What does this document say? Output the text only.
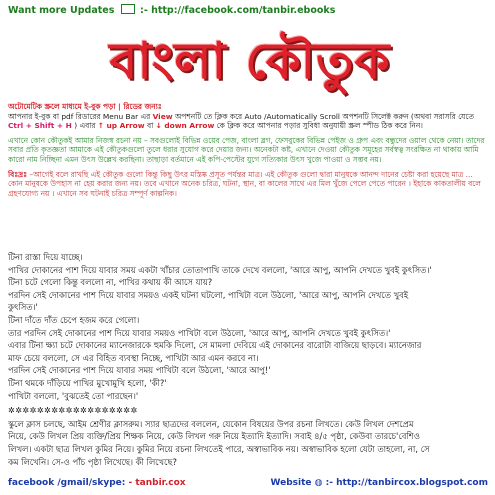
Want more Updates	:- http://facebook.com/tanbir.ebooks
বাংলা কৌতুক

অটোমেটিক স্ক্রলে মাধ্যমে ই-বুক পড়া | রিডের জন্যঃ
আপনার ই-বুক বা pdf রিডারের Menu Bar এর View অপশনটি তে ক্লিক করে Auto /Automatically Scroll অপশনটি সিলেক্ট করুন (অথবা সরাসরি যেতে Ctrl + Shift + H ) এবার ↑ up Arrow বা ↓ down Arrow কে ক্লিক করে আপনার পড়ার সুবিধা অনুযায়ী স্ক্রল স্পীড ঠিক করে নিন।

এখানে কোন কৌতুকই আমার নিজস্ব রচনা নয় – সবগুলোই বিভিন্ন ওয়েব পেজ, বাংলা ব্লগ, ফেসবুকের বিভিন্ন পেইজ ও গ্রুপ এবং বন্ধুদের ওয়াল থেকে নেয়া। তাদের সবার প্রতি কৃতজ্ঞতা আমাকে এই কৌতুকগুলো তুলে ধরার সুযোগ করে দেয়ার জন্য। অনেকটা কষ্ট, এখানে দেওয়া কৌতুক সমূহের সর্বস্বত্ব সংরক্ষিত না থাকায় আমি কারো নাম নিচ্ছিনা এমন উৎস উল্লেখ করছিনা। তাছাড়া বর্তমানে এই কপি-পেস্টের যুগে সত্যিকার উৎস খুজে পাওয়া ও সম্ভব নয়।

বিঃদ্রঃ –আগেই বলে রাখছি এই কৌতুক গুলো কিন্তু কিছু উৎর মস্তিষ্ক প্রসূত পর্যন্তর মাত্র। এই কৌতুক গুলো দ্বারা মানুষকে আনন্দ দানের চেষ্টা করা হয়েছে মাত্র ... কোন মানুষকে উপহাস না হেয় করার জন্য নয়। তবে এখানে অনেক চরিত্র, ঘটনা, স্থান, বা কালের সাথে এর মিল খুঁজে পেলে পেতে পারেন । ইহাকে কাকতালীয় বলে গ্রহণযোগ্য নয় । এখানে সব ঘটনাই চরিত্র সম্পূর্ণ কাল্পনিক।

টিনা রাস্তা দিয়ে যাচ্ছে।
পাখির দোকানের পাশ দিয়ে যাবার সময় একটা খাঁচার তোতাপাখি তাকে দেখে বললো, 'আরে আপু, আপনি দেখতে খুবই কুৎসিত।'
টিনা চটে গেলো কিন্তু বললো না, পাখির কথায় কী আসে যায়?
পরদিন সেই দোকানের পাশ দিয়ে যাবার সময়ও একই ঘটনা ঘটলো, পাখিটা বলে উঠলো, 'আরে আপু, আপনি দেখতে খুবই
কুৎসিত।'
টিনা দাঁতে দাঁত চেপে হজম করে গেলো।
তার পরদিন সেই দোকানের পাশ দিয়ে যাবার সময়ও পাখিটা বলে উঠলো, 'আরে আপু, আপনি দেখতে খুবই কুৎসিত।'
এবার টিনা ক্ষ্যা চটে দোকানের ম্যানেজারকে হুমকি দিলো, সে মামলা দেবিয়ে এই দোকানের বারোটা বাজিয়ে ছাড়বে। ম্যানেজার
মাফ চেয়ে বললো, সে এর বিহিত ব্যবস্থা নিচ্ছে, পাখিটা আর এমন করবে না।
পরদিন সেই দোকানের পাশ দিয়ে যাবার সময় পাখিটা বলে উঠলো, 'আরে আপু!'
টিনা থমকে দাঁড়িয়ে পাখির মুখোমুখি হলো, 'কী?'
পাখিটা বললো, 'বুঝতেই তো পারছেন।'
✲✲✲✲✲✲✲✲✲✲✲✲✲✲✲✲✲✲
স্কুলে ক্লাস চলছে, আইম শ্রেণীর ক্লাসরুম। স্যার ছাত্রদের বললেন, যেকোন বিষয়ের উপর রচনা লিখতে। কেউ লিখল দেশপ্রেম
নিয়ে, কেউ লিখল প্রিয় ব্যক্তি/প্রিয় শিক্ষক নিয়ে, কেউ লিখল গরু নিয়ে ইত্যাদি ইত্যাদি। সবাই ৪/৫ পৃষ্ঠা, কেউবা তারচে'বেশিও
লিখল। একটা ছাত্র লিখল কুমির নিয়ে। কুমির নিয়ে রচনা লিখতেই পারে, অস্বাভাবিক নয়। অস্বাভাবিক হলো যেটা তাহলো, না, সে
কম লিখেনি। সে-ও পাঁচ পৃষ্ঠা লিখেছে। কী লিখেছে?
facebook /gmail/skype: - tanbir.cox	Website ◍ :- http://tanbircox.blogspot.com
